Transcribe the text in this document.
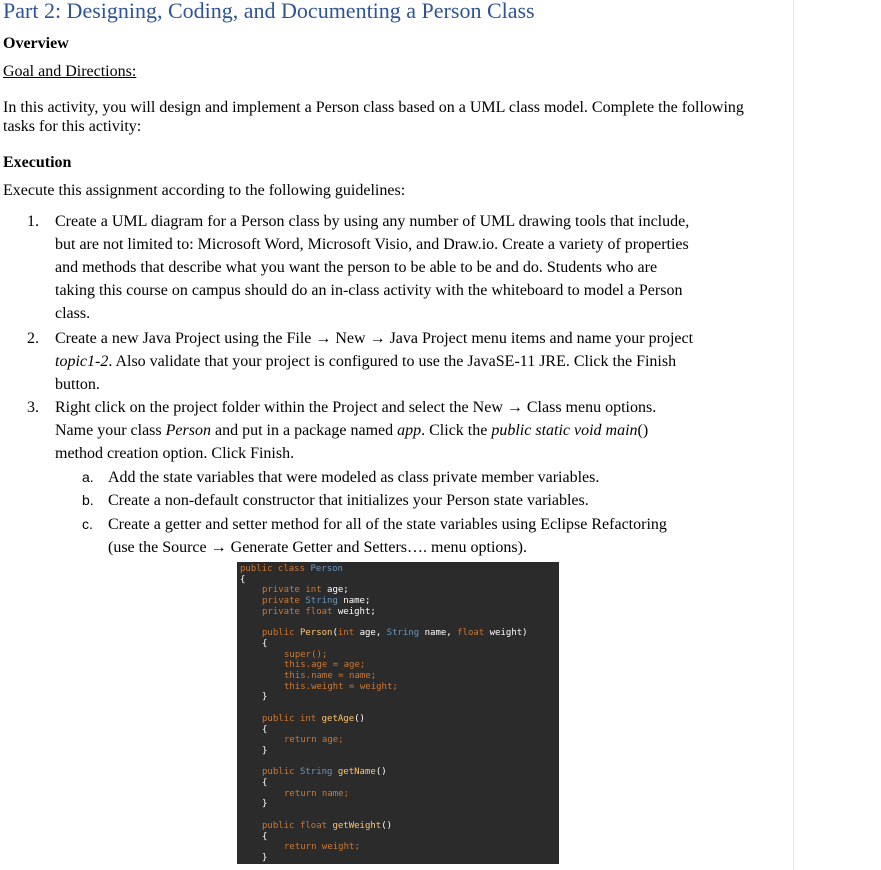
Part 2: Designing, Coding, and Documenting a Person Class
Overview
Goal and Directions:
In this activity, you will design and implement a Person class based on a UML class model. Complete the following tasks for this activity:
Execution
Execute this assignment according to the following guidelines:
1. Create a UML diagram for a Person class by using any number of UML drawing tools that include, but are not limited to: Microsoft Word, Microsoft Visio, and Draw.io. Create a variety of properties and methods that describe what you want the person to be able to be and do. Students who are taking this course on campus should do an in-class activity with the whiteboard to model a Person class.
2. Create a new Java Project using the File → New → Java Project menu items and name your project topic1-2. Also validate that your project is configured to use the JavaSE-11 JRE. Click the Finish button.
3. Right click on the project folder within the Project and select the New → Class menu options. Name your class Person and put in a package named app. Click the public static void main() method creation option. Click Finish.
a. Add the state variables that were modeled as class private member variables.
b. Create a non-default constructor that initializes your Person state variables.
c. Create a getter and setter method for all of the state variables using Eclipse Refactoring (use the Source → Generate Getter and Setters…. menu options).
public class Person
{
private int age;
private String name;
private float weight;
public Person(int age, String name, float weight)
{
super();
this.age = age;
this.name = name;
this.weight = weight;
}
public int getAge()
{
return age;
}
public String getName()
{
return name;
}
public float getWeight()
{
return weight;
}
